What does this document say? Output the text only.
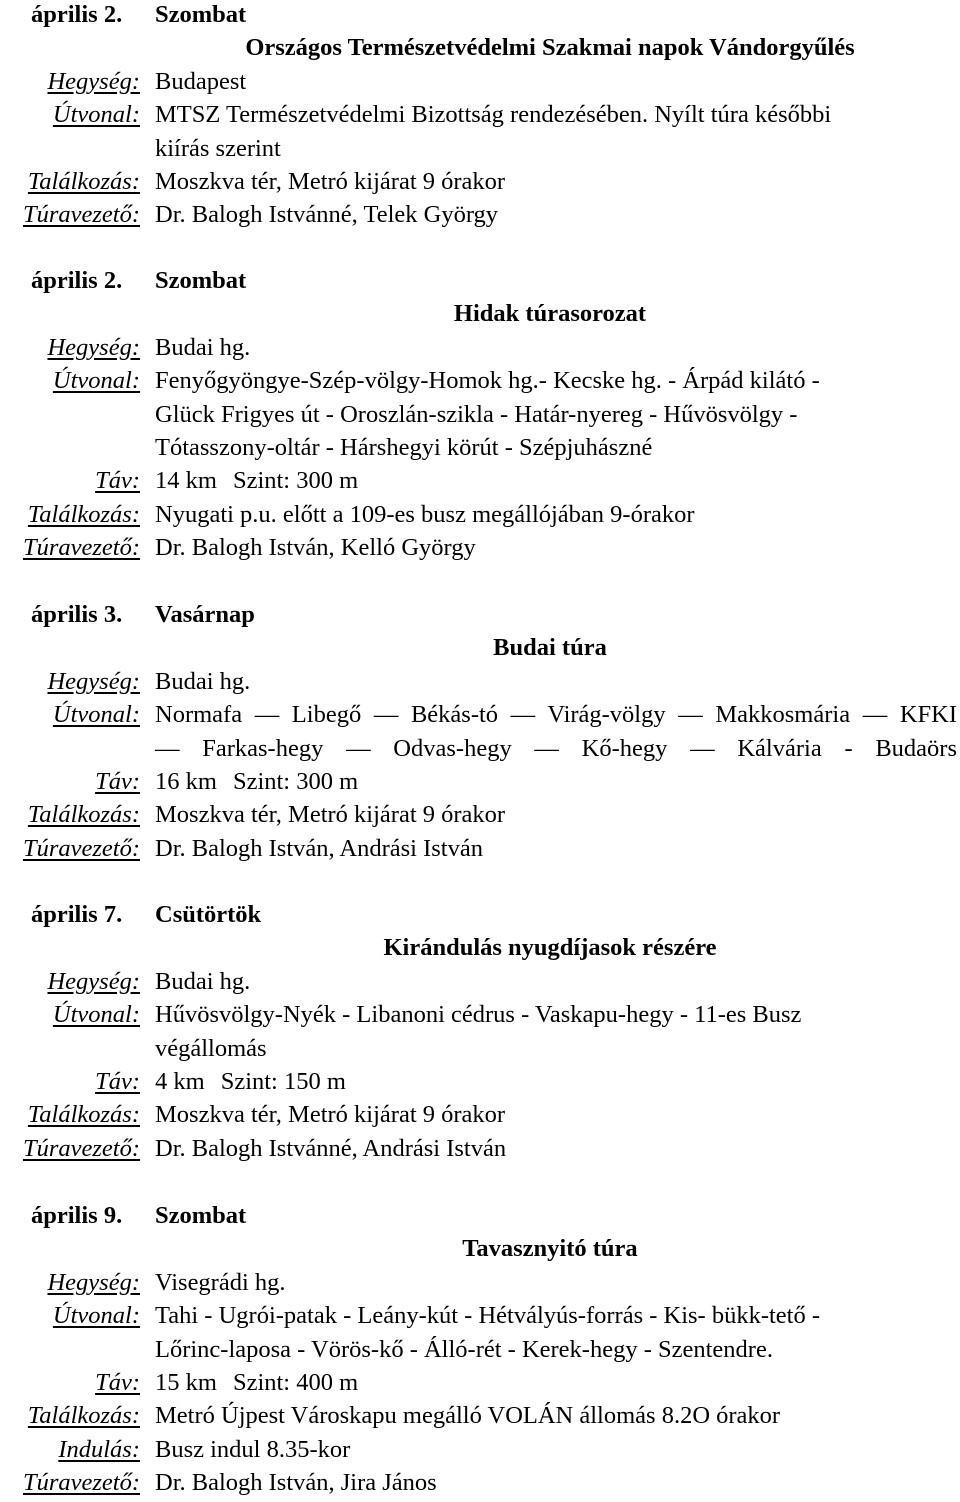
április 2. Szombat
Országos Természetvédelmi Szakmai napok Vándorgyűlés
Hegység: Budapest
Útvonal: MTSZ Természetvédelmi Bizottság rendezésében. Nyílt túra későbbi
kiírás szerint
Találkozás: Moszkva tér, Metró kijárat 9 órakor
Túravezető: Dr. Balogh Istvánné, Telek György
április 2. Szombat
Hidak túrasorozat
Hegység: Budai hg.
Útvonal: Fenyőgyöngye-Szép-völgy-Homok hg.- Kecske hg. - Árpád kilátó -
Glück Frigyes út - Oroszlán-szikla - Határ-nyereg - Hűvösvölgy -
Tótasszony-oltár - Hárshegyi körút - Szépjuhászné
Táv: 14 km Szint: 300 m
Találkozás: Nyugati p.u. előtt a 109-es busz megállójában 9-órakor
Túravezető: Dr. Balogh István, Kelló György
április 3. Vasárnap
Budai túra
Hegység: Budai hg.
Útvonal: Normafa — Libegő — Békás-tó — Virág-völgy — Makkosmária — KFKI
— Farkas-hegy — Odvas-hegy — Kő-hegy — Kálvária - Budaörs
Táv: 16 km Szint: 300 m
Találkozás: Moszkva tér, Metró kijárat 9 órakor
Túravezető: Dr. Balogh István, Andrási István
április 7. Csütörtök
Kirándulás nyugdíjasok részére
Hegység: Budai hg.
Útvonal: Hűvösvölgy-Nyék - Libanoni cédrus - Vaskapu-hegy - 11-es Busz
végállomás
Táv: 4 km Szint: 150 m
Találkozás: Moszkva tér, Metró kijárat 9 órakor
Túravezető: Dr. Balogh Istvánné, Andrási István
április 9. Szombat
Tavasznyitó túra
Hegység: Visegrádi hg.
Útvonal: Tahi - Ugrói-patak - Leány-kút - Hétvályús-forrás - Kis- bükk-tető -
Lőrinc-laposa - Vörös-kő - Álló-rét - Kerek-hegy - Szentendre.
Táv: 15 km Szint: 400 m
Találkozás: Metró Újpest Városkapu megálló VOLÁN állomás 8.2O órakor
Indulás: Busz indul 8.35-kor
Túravezető: Dr. Balogh István, Jira János
